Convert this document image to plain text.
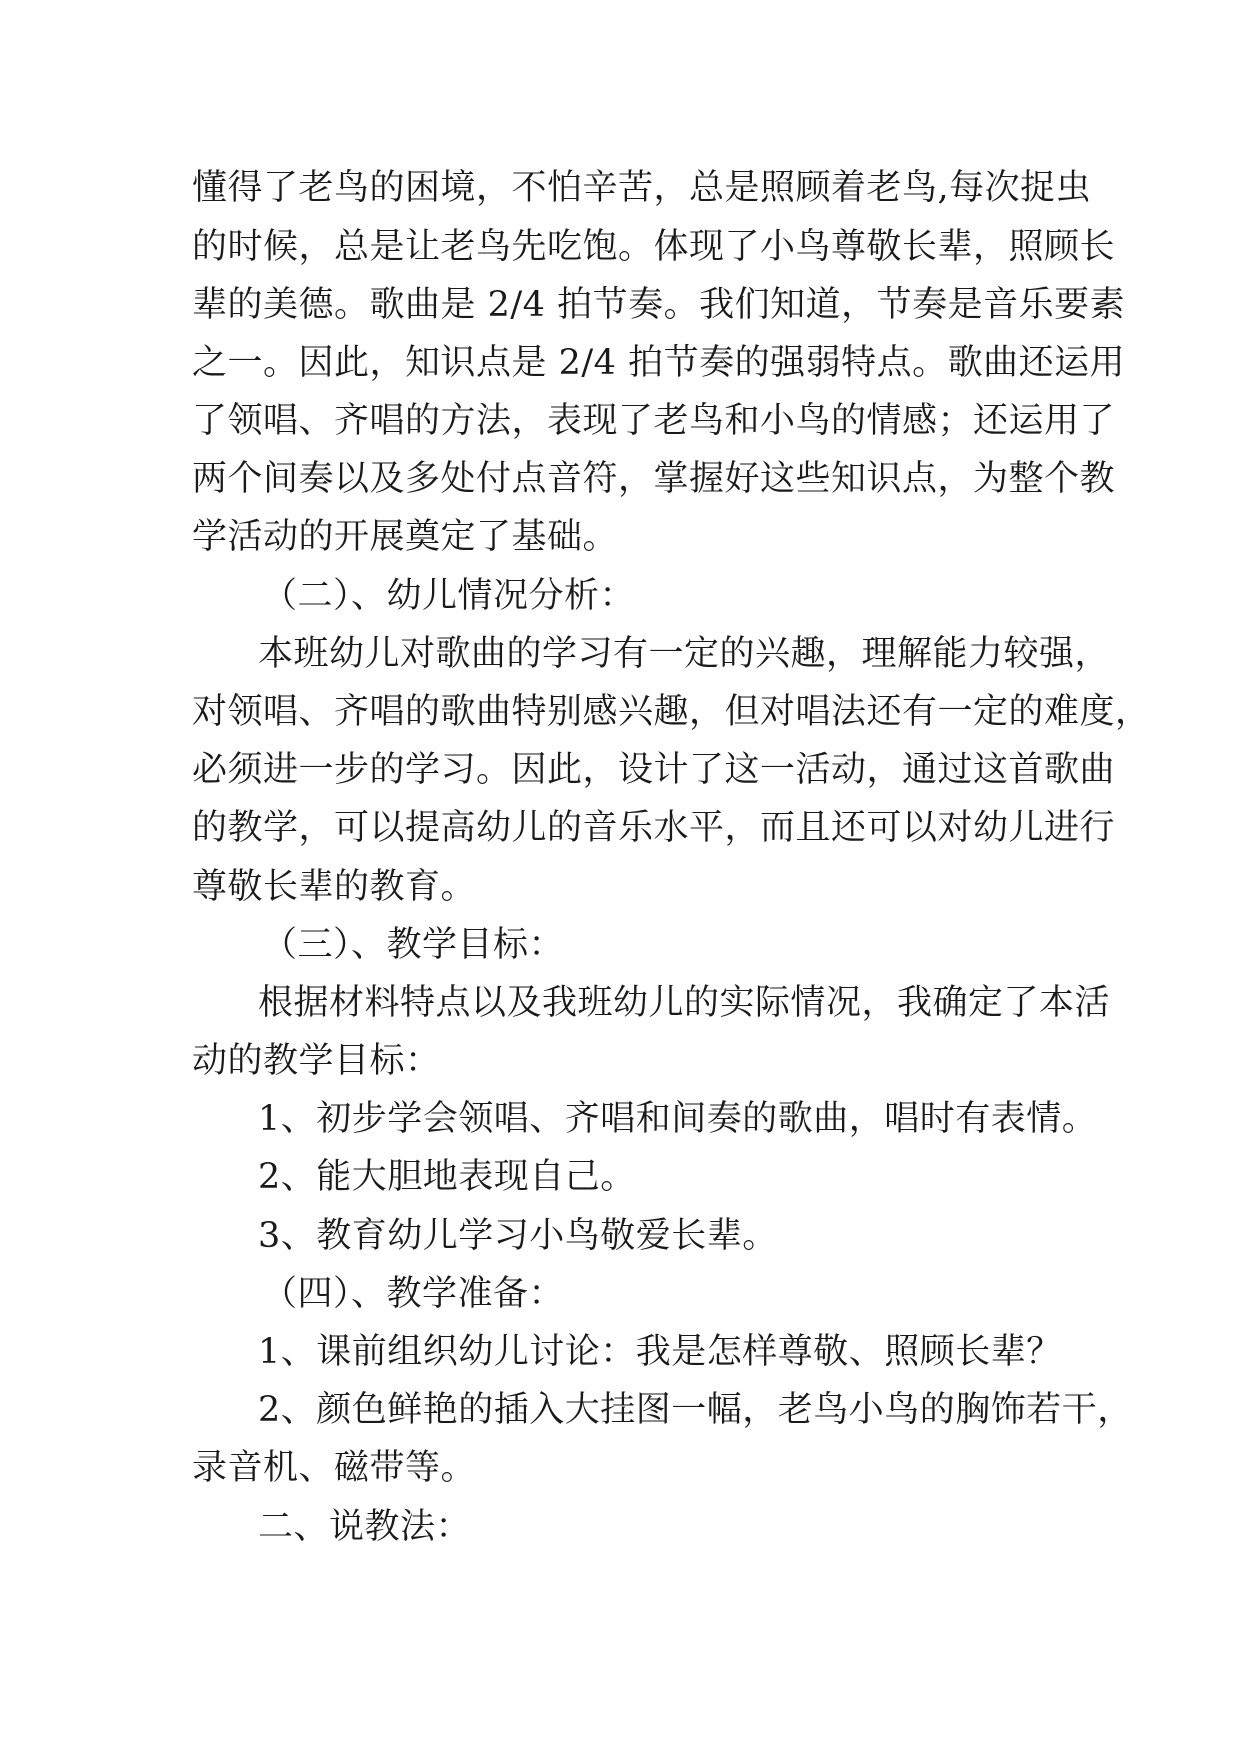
懂得了老鸟的困境，不怕辛苦，总是照顾着老鸟,每次捉虫
的时候，总是让老鸟先吃饱。体现了小鸟尊敬长辈，照顾长
辈的美德。歌曲是 2/4 拍节奏。我们知道，节奏是音乐要素
之一。因此，知识点是 2/4 拍节奏的强弱特点。歌曲还运用
了领唱、齐唱的方法，表现了老鸟和小鸟的情感；还运用了
两个间奏以及多处付点音符，掌握好这些知识点，为整个教
学活动的开展奠定了基础。
（二）、幼儿情况分析：
本班幼儿对歌曲的学习有一定的兴趣，理解能力较强，
对领唱、齐唱的歌曲特别感兴趣，但对唱法还有一定的难度，
必须进一步的学习。因此，设计了这一活动，通过这首歌曲
的教学，可以提高幼儿的音乐水平，而且还可以对幼儿进行
尊敬长辈的教育。
（三）、教学目标：
根据材料特点以及我班幼儿的实际情况，我确定了本活
动的教学目标：
1、初步学会领唱、齐唱和间奏的歌曲，唱时有表情。
2、能大胆地表现自己。
3、教育幼儿学习小鸟敬爱长辈。
（四）、教学准备：
1、课前组织幼儿讨论：我是怎样尊敬、照顾长辈？
2、颜色鲜艳的插入大挂图一幅，老鸟小鸟的胸饰若干，
录音机、磁带等。
二、说教法：
